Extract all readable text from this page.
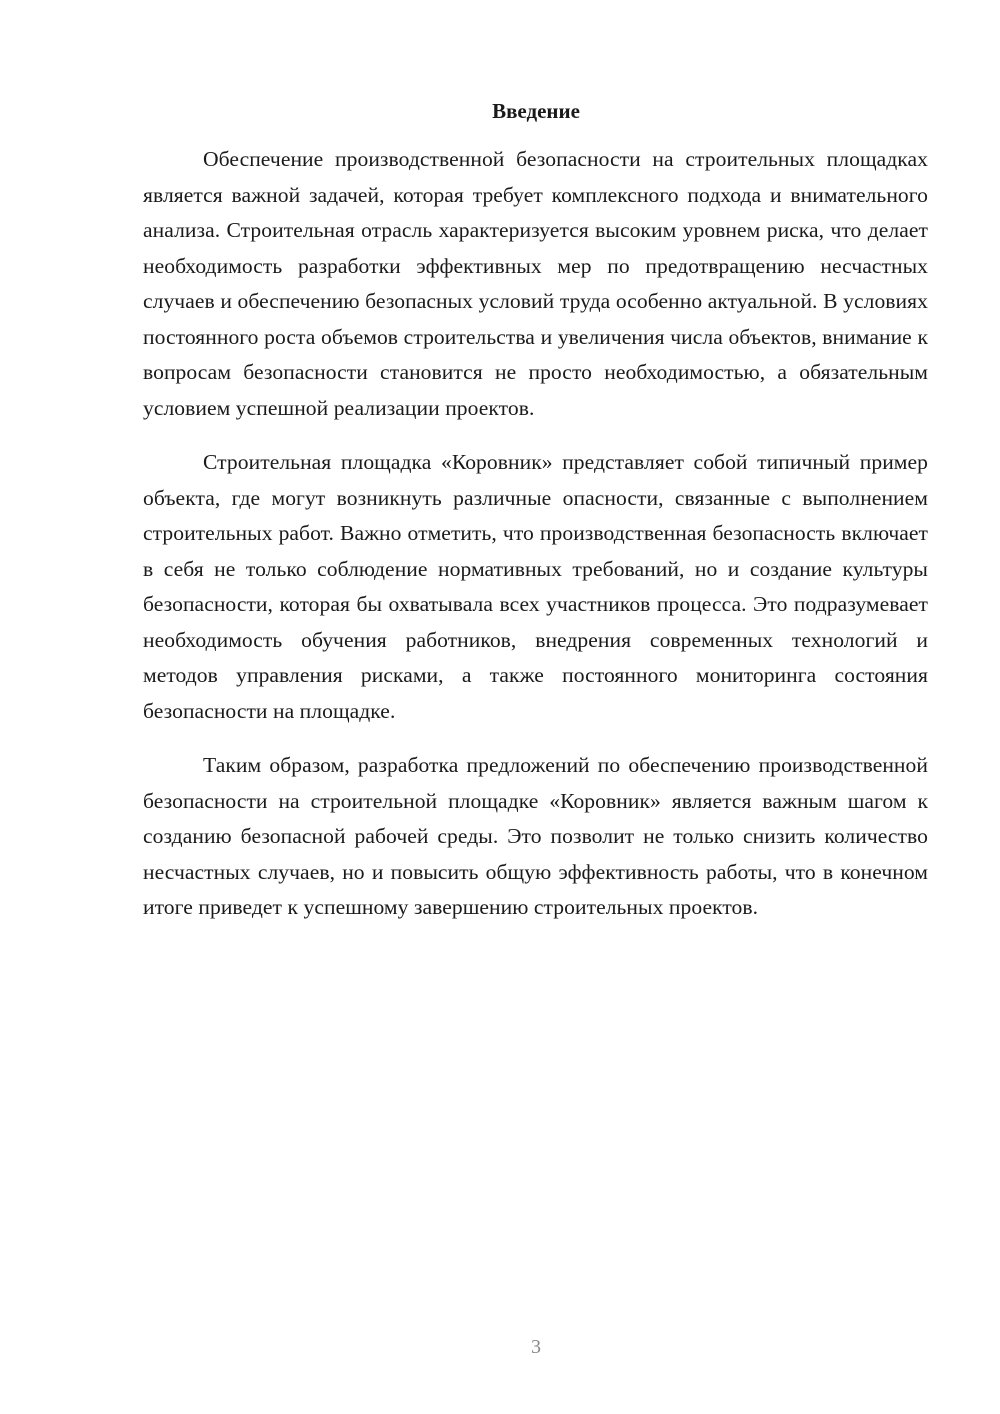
Введение

Обеспечение производственной безопасности на строительных площадках является важной задачей, которая требует комплексного подхода и внимательного анализа. Строительная отрасль характеризуется высоким уровнем риска, что делает необходимость разработки эффективных мер по предотвращению несчастных случаев и обеспечению безопасных условий труда особенно актуальной. В условиях постоянного роста объемов строительства и увеличения числа объектов, внимание к вопросам безопасности становится не просто необходимостью, а обязательным условием успешной реализации проектов.

Строительная площадка «Коровник» представляет собой типичный пример объекта, где могут возникнуть различные опасности, связанные с выполнением строительных работ. Важно отметить, что производственная безопасность включает в себя не только соблюдение нормативных требований, но и создание культуры безопасности, которая бы охватывала всех участников процесса. Это подразумевает необходимость обучения работников, внедрения современных технологий и методов управления рисками, а также постоянного мониторинга состояния безопасности на площадке.

Таким образом, разработка предложений по обеспечению производственной безопасности на строительной площадке «Коровник» является важным шагом к созданию безопасной рабочей среды. Это позволит не только снизить количество несчастных случаев, но и повысить общую эффективность работы, что в конечном итоге приведет к успешному завершению строительных проектов.

3
